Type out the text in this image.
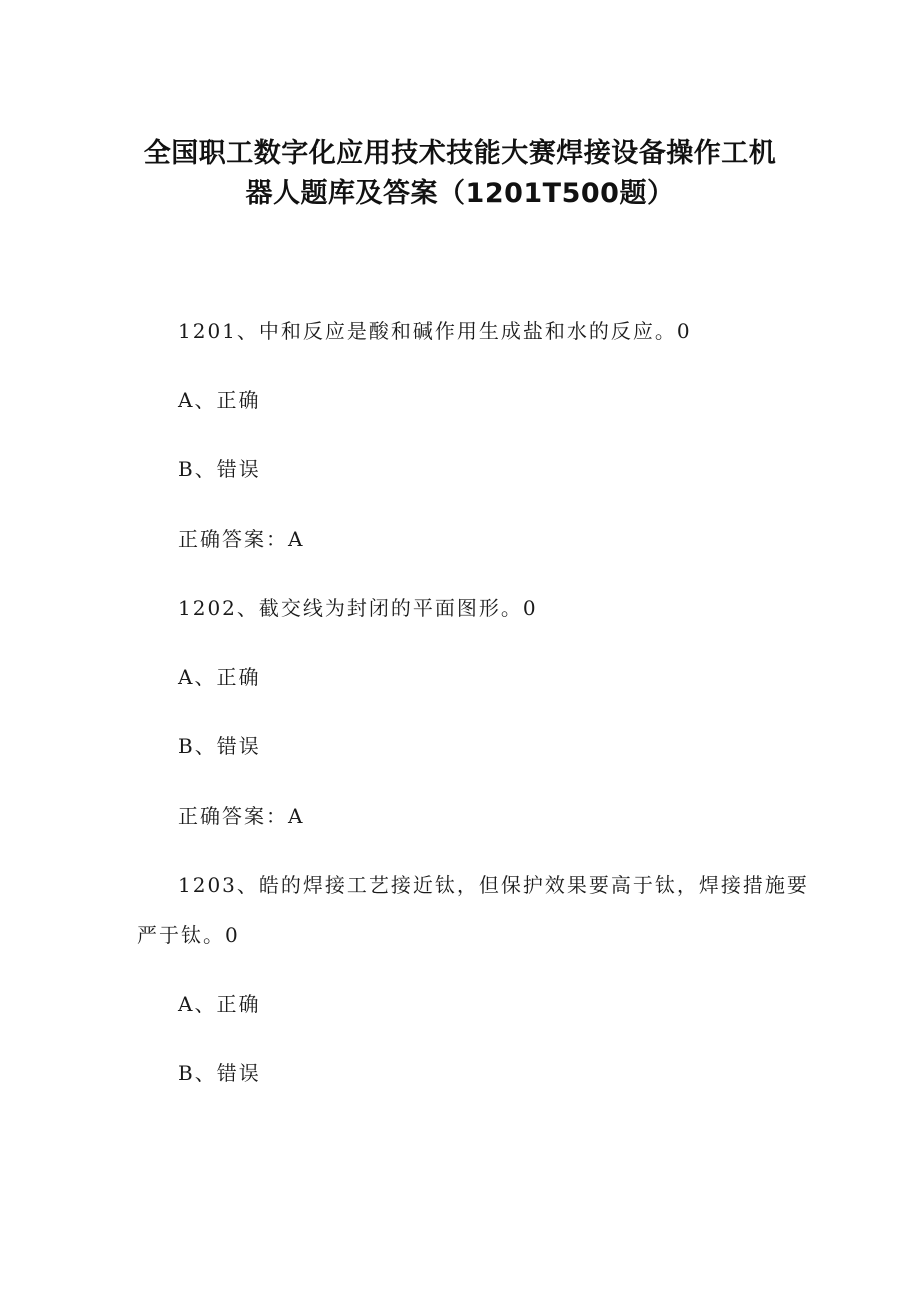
全国职工数字化应用技术技能大赛焊接设备操作工机
器人题库及答案（1201T500题）
1201、中和反应是酸和碱作用生成盐和水的反应。0
A、正确
B、错误
正确答案：A
1202、截交线为封闭的平面图形。0
A、正确
B、错误
正确答案：A
1203、皓的焊接工艺接近钛，但保护效果要高于钛，焊接措施要
严于钛。0
A、正确
B、错误
